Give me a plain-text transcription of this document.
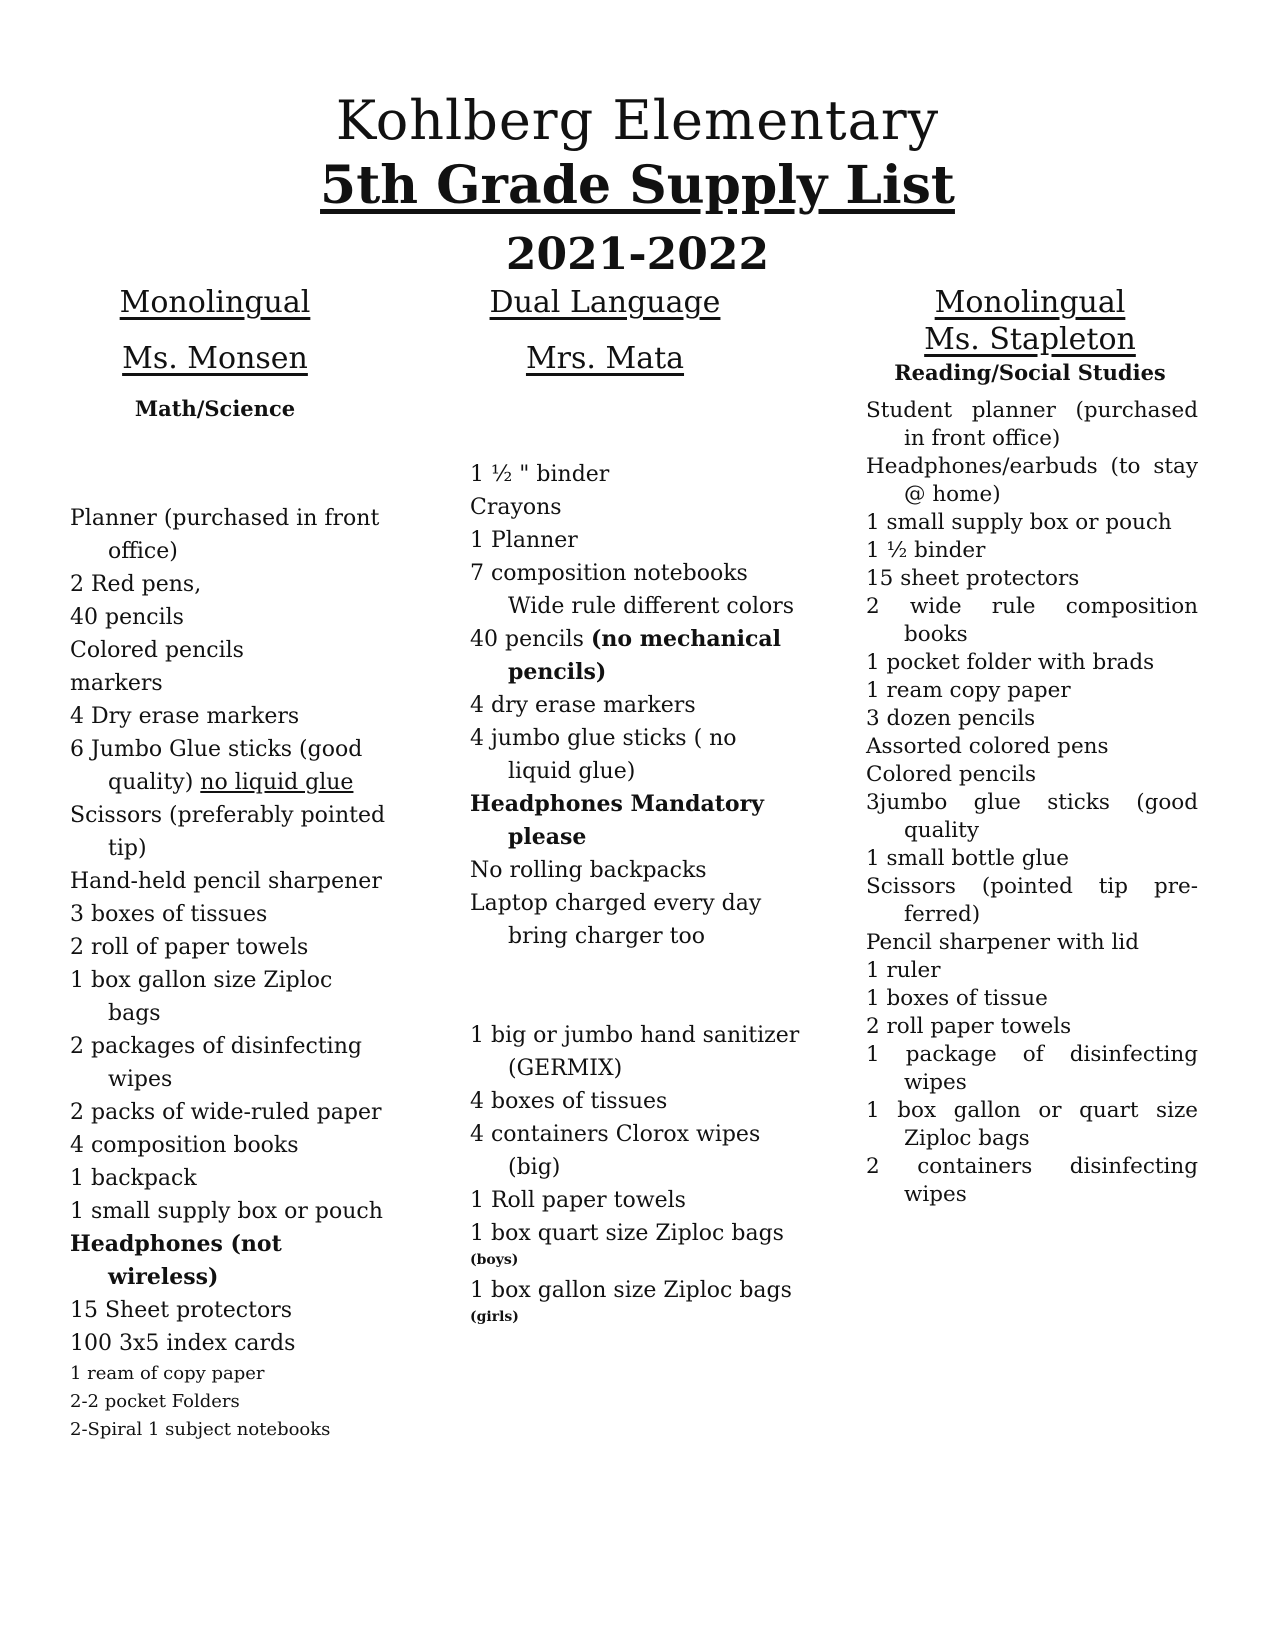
Kohlberg Elementary
5th Grade Supply List
2021-2022
Monolingual
Ms. Monsen
Math/Science
Planner (purchased in front office)
2 Red pens,
40 pencils
Colored pencils
markers
4 Dry erase markers
6 Jumbo Glue sticks (good quality) no liquid glue
Scissors (preferably pointed tip)
Hand-held pencil sharpener
3 boxes of tissues
2 roll of paper towels
1 box gallon size Ziploc bags
2 packages of disinfecting wipes
2 packs of wide-ruled paper
4 composition books
1 backpack
1 small supply box or pouch
Headphones (not wireless)
15 Sheet protectors
100 3x5 index cards
1 ream of copy paper
2-2 pocket Folders
2-Spiral 1 subject notebooks
Dual Language
Mrs. Mata
1 ½ " binder
Crayons
1 Planner
7 composition notebooks Wide rule different colors
40 pencils (no mechanical pencils)
4 dry erase markers
4 jumbo glue sticks ( no liquid glue)
Headphones Mandatory please
No rolling backpacks
Laptop charged every day bring charger too
1 big or jumbo hand sanitizer (GERMIX)
4 boxes of tissues
4 containers Clorox wipes (big)
1 Roll paper towels
1 box quart size Ziploc bags
(boys)
1 box gallon size Ziploc bags
(girls)
Monolingual
Ms. Stapleton
Reading/Social Studies
Student planner (purchased in front office)
Headphones/earbuds (to stay @ home)
1 small supply box or pouch
1 ½ binder
15 sheet protectors
2 wide rule composition books
1 pocket folder with brads
1 ream copy paper
3 dozen pencils
Assorted colored pens
Colored pencils
3jumbo glue sticks (good quality
1 small bottle glue
Scissors (pointed tip pre-ferred)
Pencil sharpener with lid
1 ruler
1 boxes of tissue
2 roll paper towels
1 package of disinfecting wipes
1 box gallon or quart size Ziploc bags
2 containers disinfecting wipes
